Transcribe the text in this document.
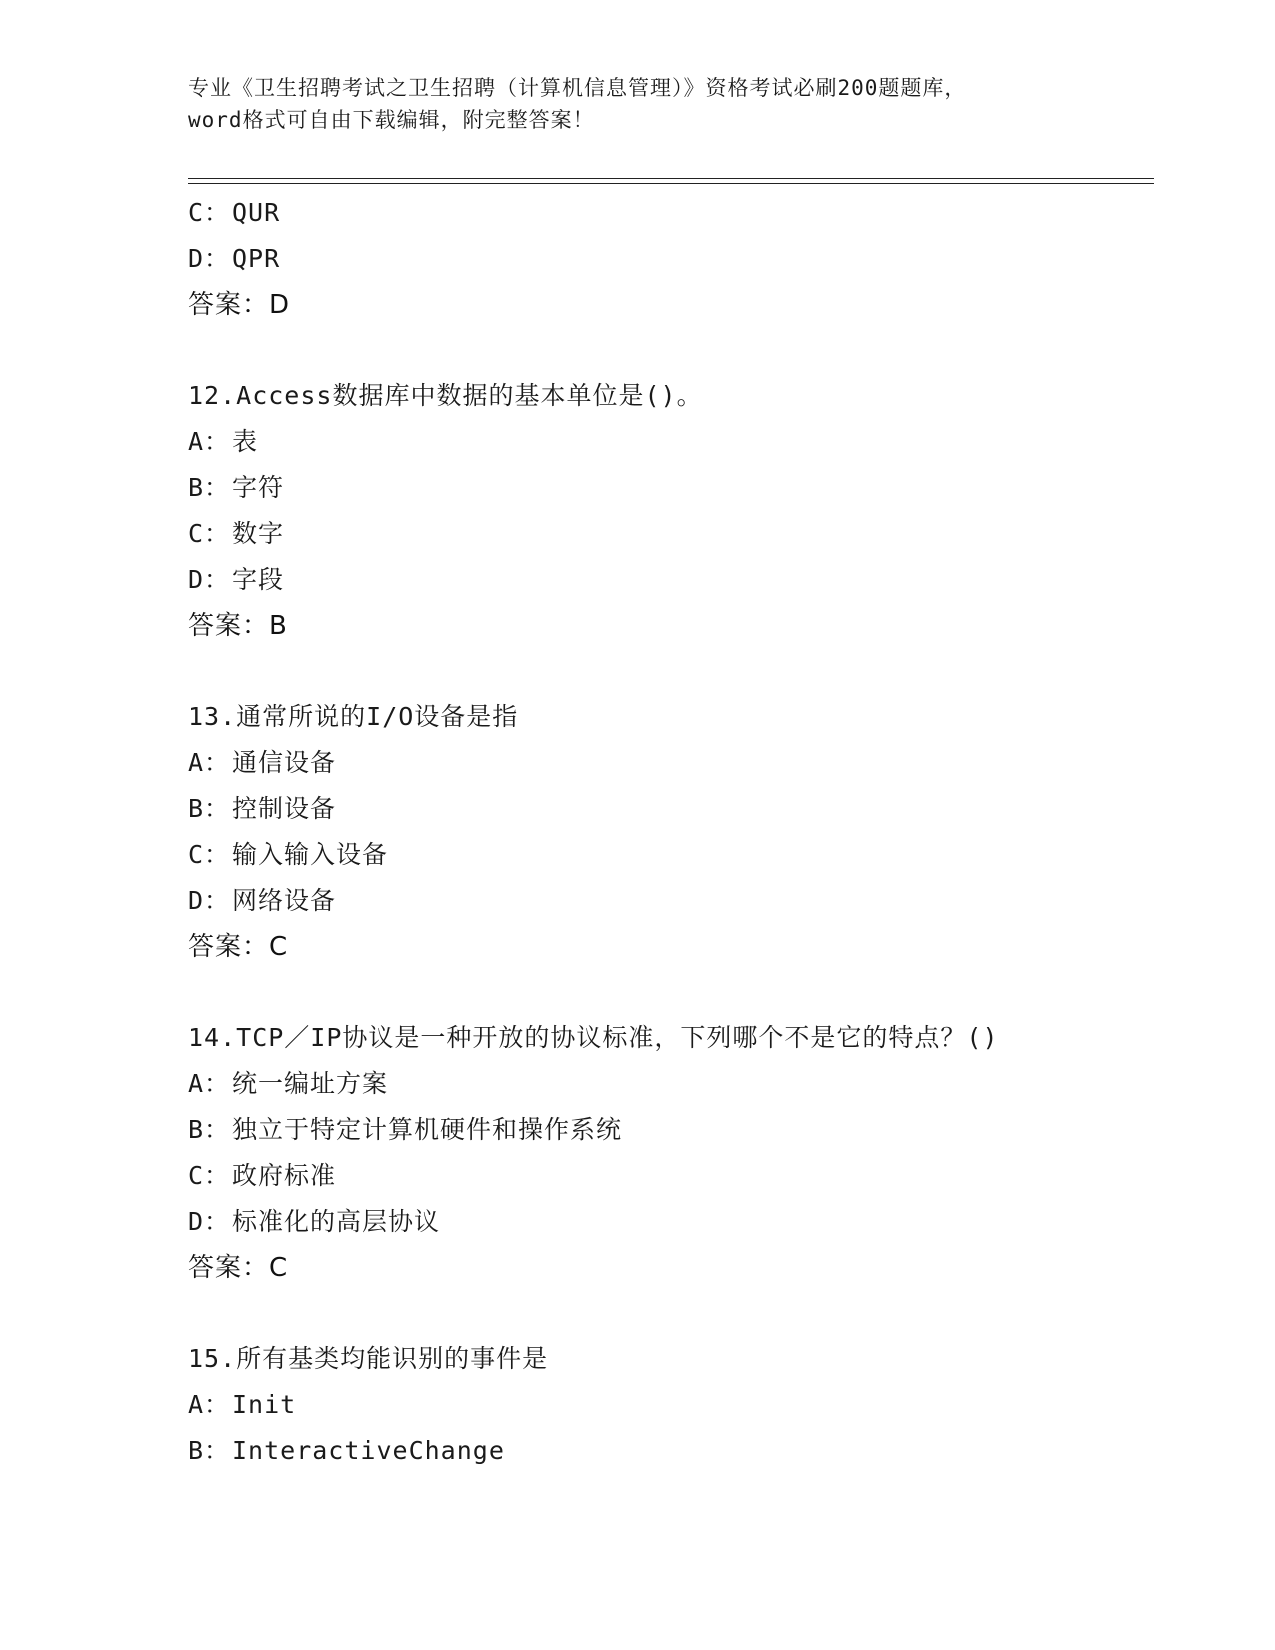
专业《卫生招聘考试之卫生招聘（计算机信息管理）》资格考试必刷200题题库，
word格式可自由下载编辑，附完整答案！
C：QUR
D：QPR
答案：D
12.Access数据库中数据的基本单位是()。
A：表
B：字符
C：数字
D：字段
答案：B
13.通常所说的I/O设备是指
A：通信设备
B：控制设备
C：输入输入设备
D：网络设备
答案：C
14.TCP／IP协议是一种开放的协议标准，下列哪个不是它的特点？()
A：统一编址方案
B：独立于特定计算机硬件和操作系统
C：政府标准
D：标准化的高层协议
答案：C
15.所有基类均能识别的事件是
A：Init
B：InteractiveChange
